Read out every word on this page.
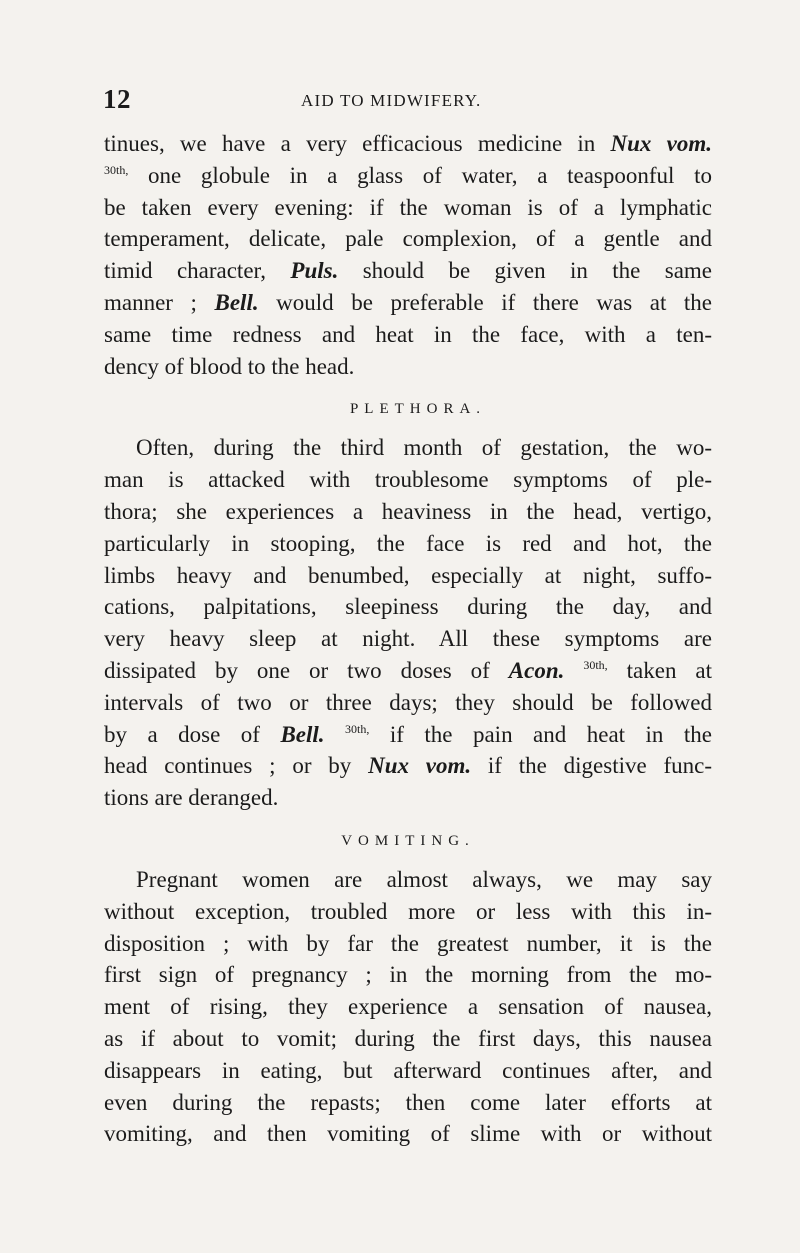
12	AID TO MIDWIFERY.
tinues, we have a very efficacious medicine in Nux vom.
$^{30th,}$ one globule in a glass of water, a teaspoonful to
be taken every evening: if the woman is of a lymphatic
temperament, delicate, pale complexion, of a gentle and
timid character, Puls. should be given in the same
manner ; Bell. would be preferable if there was at the
same time redness and heat in the face, with a ten-
dency of blood to the head.
PLETHORA.
Often, during the third month of gestation, the wo-
man is attacked with troublesome symptoms of ple-
thora; she experiences a heaviness in the head, vertigo,
particularly in stooping, the face is red and hot, the
limbs heavy and benumbed, especially at night, suffo-
cations, palpitations, sleepiness during the day, and
very heavy sleep at night. All these symptoms are
dissipated by one or two doses of Acon. $^{30th,}$ taken at
intervals of two or three days; they should be followed
by a dose of Bell. $^{30th,}$ if the pain and heat in the
head continues ; or by Nux vom. if the digestive func-
tions are deranged.
VOMITING.
Pregnant women are almost always, we may say
without exception, troubled more or less with this in-
disposition ; with by far the greatest number, it is the
first sign of pregnancy ; in the morning from the mo-
ment of rising, they experience a sensation of nausea,
as if about to vomit; during the first days, this nausea
disappears in eating, but afterward continues after, and
even during the repasts; then come later efforts at
vomiting, and then vomiting of slime with or without
